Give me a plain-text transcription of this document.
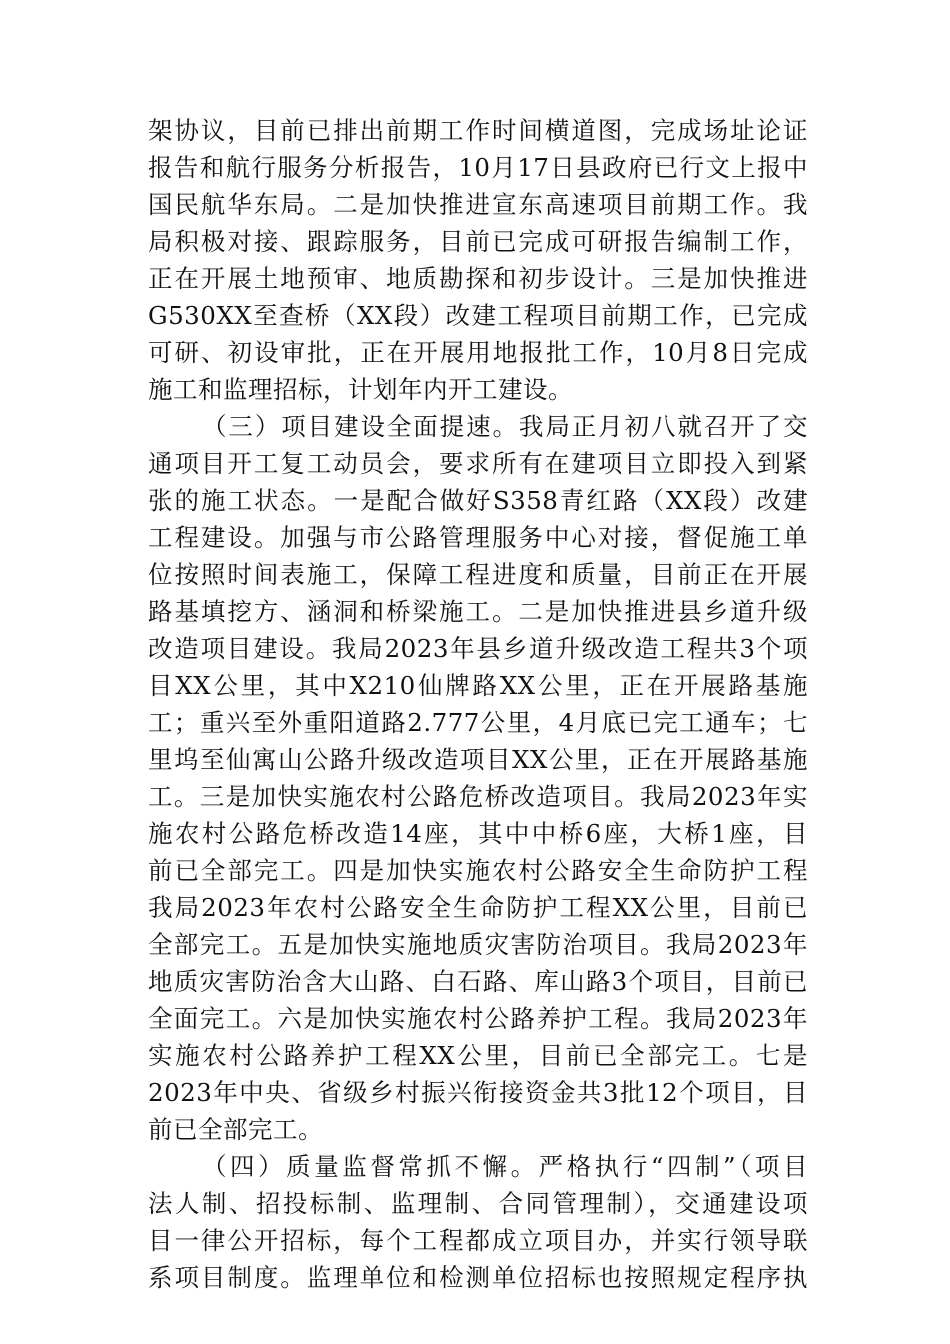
架协议，目前已排出前期工作时间横道图，完成场址论证
报告和航行服务分析报告，10月17日县政府已行文上报中
国民航华东局。二是加快推进宣东高速项目前期工作。我
局积极对接、跟踪服务，目前已完成可研报告编制工作，
正在开展土地预审、地质勘探和初步设计。三是加快推进
G530XX至查桥（XX段）改建工程项目前期工作，已完成
可研、初设审批，正在开展用地报批工作，10月8日完成
施工和监理招标，计划年内开工建设。
（三）项目建设全面提速。我局正月初八就召开了交
通项目开工复工动员会，要求所有在建项目立即投入到紧
张的施工状态。一是配合做好S358青红路（XX段）改建
工程建设。加强与市公路管理服务中心对接，督促施工单
位按照时间表施工，保障工程进度和质量，目前正在开展
路基填挖方、涵洞和桥梁施工。二是加快推进县乡道升级
改造项目建设。我局2023年县乡道升级改造工程共3个项
目XX公里，其中X210仙牌路XX公里，正在开展路基施
工；重兴至外重阳道路2.777公里，4月底已完工通车；七
里坞至仙寓山公路升级改造项目XX公里，正在开展路基施
工。三是加快实施农村公路危桥改造项目。我局2023年实
施农村公路危桥改造14座，其中中桥6座，大桥1座，目
前已全部完工。四是加快实施农村公路安全生命防护工程
我局2023年农村公路安全生命防护工程XX公里，目前已
全部完工。五是加快实施地质灾害防治项目。我局2023年
地质灾害防治含大山路、白石路、库山路3个项目，目前已
全面完工。六是加快实施农村公路养护工程。我局2023年
实施农村公路养护工程XX公里，目前已全部完工。七是
2023年中央、省级乡村振兴衔接资金共3批12个项目，目
前已全部完工。
（四）质量监督常抓不懈。严格执行“四制”（项目
法人制、招投标制、监理制、合同管理制），交通建设项
目一律公开招标，每个工程都成立项目办，并实行领导联
系项目制度。监理单位和检测单位招标也按照规定程序执
